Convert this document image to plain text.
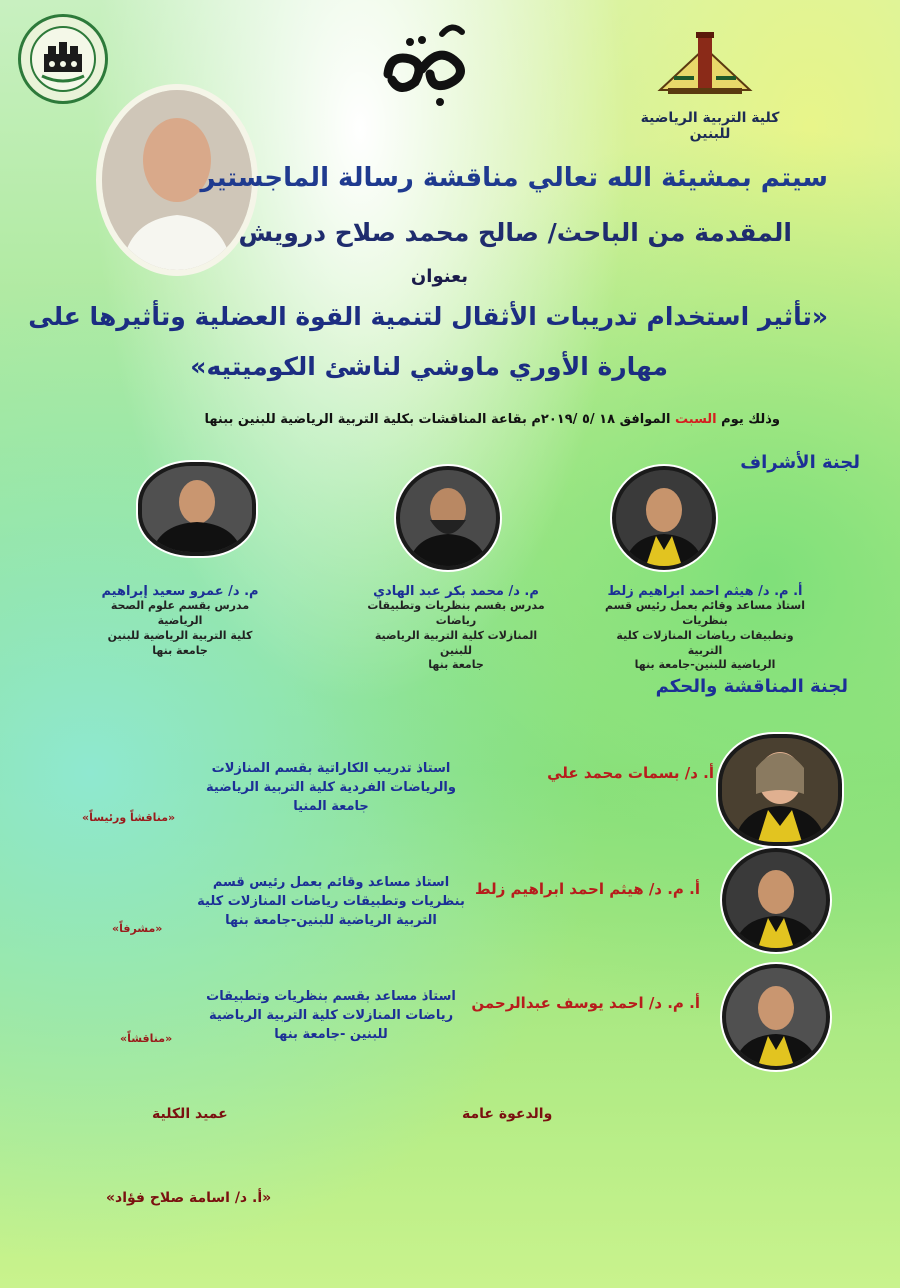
كلية التربية الرياضية للبنين
سيتم بمشيئة الله تعالي مناقشة رسالة الماجستير
المقدمة من الباحث/ صالح محمد صلاح درويش
بعنوان
«تأثير استخدام تدريبات الأثقال لتنمية القوة العضلية وتأثيرها على
مهارة الأوري ماوشي لناشئ الكوميتيه»
وذلك يوم السبت الموافق ١٨ /٥ /٢٠١٩م بقاعة المناقشات بكلية التربية الرياضية للبنين ببنها
لجنة الأشراف
أ. م. د/ هيثم احمد ابراهيم زلط
استاذ مساعد وقائم بعمل رئيس قسم بنظريات
وتطبيقات رياضات المنازلات كلية التربية
الرياضية للبنين-جامعة بنها
م. د/ محمد بكر عبد الهادي
مدرس بقسم بنظريات وتطبيقات رياضات
المنازلات كلية التربية الرياضية للبنين
جامعة بنها
م. د/ عمرو سعيد إبراهيم
مدرس بقسم علوم الصحة الرياضية
كلية التربية الرياضية للبنين
جامعة بنها
لجنة المناقشة والحكم
أ. د/ بسمات محمد علي
استاذ تدريب الكاراتية بقسم المنازلات
والرياضات الفردية كلية التربية الرياضية
جامعة المنيا
«مناقشاً ورئيساً»
أ. م. د/ هيثم احمد ابراهيم زلط
استاذ مساعد وقائم بعمل رئيس قسم
بنظريات وتطبيقات رياضات المنازلات كلية
التربية الرياضية للبنين-جامعة بنها
«مشرفاً»
أ. م. د/ احمد يوسف عبدالرحمن
استاذ مساعد بقسم بنظريات وتطبيقات
رياضات المنازلات كلية التربية الرياضية
للبنين -جامعة بنها
«مناقشاً»
والدعوة عامة
عميد الكلية
«أ. د/ اسامة صلاح فؤاد»
